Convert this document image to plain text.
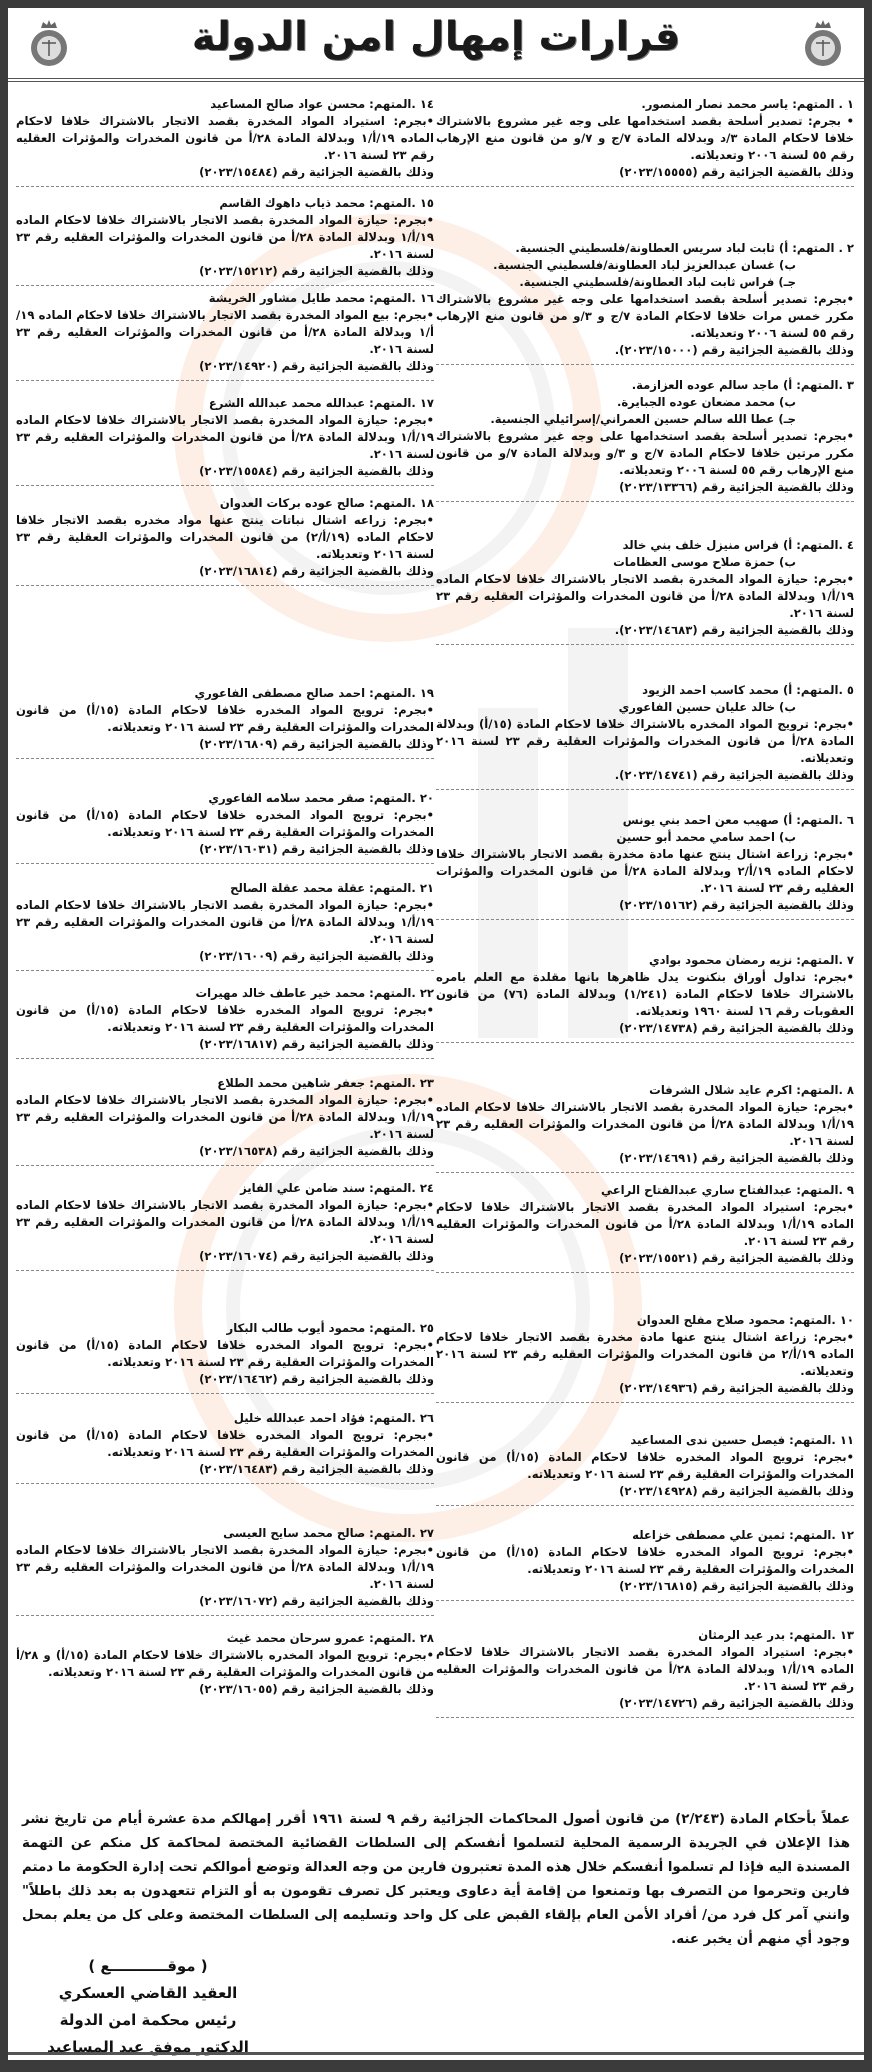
قرارات إمهال امن الدولة

١ . المتهم: ياسر محمد نصار المنصور.

• بجرم: تصدير أسلحة بقصد استخدامها على وجه غير مشروع بالاشتراك خلافا لاحكام المادة ٣/د وبدلاله المادة ٧/ج و ٧/و من قانون منع الإرهاب رقم ٥٥ لسنة ٢٠٠٦ وتعديلاته.

وذلك بالقضية الجزائية رقم (٢٠٢٣/١٥٥٥٥)

٢ . المتهم: أ) ثابت لباد سريس العطاونة/فلسطيني الجنسية.

ب) غسان عبدالعزيز لباد العطاونة/فلسطيني الجنسية.

جـ) فراس ثابت لباد العطاونة/فلسطيني الجنسية.

•بجرم: تصدير أسلحة بقصد استخدامها على وجه غير مشروع بالاشتراك مكرر خمس مرات خلافا لاحكام المادة ٧/ج و ٣/و من قانون منع الإرهاب رقم ٥٥ لسنة ٢٠٠٦ وتعديلاته.

وذلك بالقضية الجزائية رقم (٢٠٢٣/١٥٠٠٠).

٣ .المتهم: أ) ماجد سالم عوده العزازمة.

ب) محمد مضعان عوده الجبايرة.

جـ) عطا الله سالم حسين العمراني/إسرائيلي الجنسية.

•بجرم: تصدير أسلحة بقصد استخدامها على وجه غير مشروع بالاشتراك مكرر مرتين خلافا لاحكام المادة ٧/ج و ٣/و وبدلالة المادة ٧/و من قانون منع الإرهاب رقم ٥٥ لسنة ٢٠٠٦ وتعديلاته.

وذلك بالقضية الجزائية رقم (٢٠٢٣/١٣٣٦٦)

٤ .المتهم: أ) فراس منيزل خلف بني خالد

ب) حمزة صلاح موسى العظامات

•بجرم: حيازة المواد المخدرة بقصد الاتجار بالاشتراك خلافا لاحكام الماده ١٩/أ/١ وبدلالة المادة ٢٨/أ من قانون المخدرات والمؤثرات العقليه رقم ٢٣ لسنة ٢٠١٦.

وذلك بالقضية الجزائية رقم (٢٠٢٣/١٤٦٨٣).

٥ .المتهم: أ) محمد كاسب احمد الزيود

ب) خالد عليان حسين الفاعوري

•بجرم: ترويج المواد المخدره بالاشتراك خلافا لاحكام المادة (١٥/أ) وبدلالة المادة ٢٨/أ من قانون المخدرات والمؤثرات العقلية رقم ٢٣ لسنة ٢٠١٦ وتعديلاته.

وذلك بالقضية الجزائية رقم (٢٠٢٣/١٤٧٤١).

٦ .المتهم: أ) صهيب معن احمد بني يونس

ب) احمد سامي محمد أبو حسين

•بجرم: زراعة اشتال ينتج عنها مادة مخدرة بقصد الاتجار بالاشتراك خلافا لاحكام الماده ١٩/أ/٢ وبدلالة المادة ٢٨/أ من قانون المخدرات والمؤثرات العقليه رقم ٢٣ لسنة ٢٠١٦.

وذلك بالقضية الجزائية رقم (٢٠٢٣/١٥١٦٢)

٧ .المتهم: نزيه رمضان محمود بوادي

•بجرم: تداول أوراق بنكنوت يدل ظاهرها بانها مقلدة مع العلم بامره بالاشتراك خلافا لاحكام المادة (١/٢٤١) وبدلالة المادة (٧٦) من قانون العقوبات رقم ١٦ لسنة ١٩٦٠ وتعديلاته.

وذلك بالقضية الجزائية رقم (٢٠٢٣/١٤٧٣٨)

٨ .المتهم: اكرم عايد شلال الشرفات

•بجرم: حيازة المواد المخدرة بقصد الاتجار بالاشتراك خلافا لاحكام الماده ١٩/أ/١ وبدلالة المادة ٢٨/أ من قانون المخدرات والمؤثرات العقليه رقم ٢٣ لسنة ٢٠١٦.

وذلك بالقضية الجزائية رقم (٢٠٢٣/١٤٦٩١)

٩ .المتهم: عبدالفتاح ساري عبدالفتاح الراعي

•بجرم: استيراد المواد المخدرة بقصد الاتجار بالاشتراك خلافا لاحكام الماده ١٩/أ/١ وبدلالة المادة ٢٨/أ من قانون المخدرات والمؤثرات العقليه رقم ٢٣ لسنة ٢٠١٦.

وذلك بالقضية الجزائية رقم (٢٠٢٣/١٥٥٢١)

١٠ .المتهم: محمود صلاح مفلح العدوان

•بجرم: زراعة اشتال ينتج عنها مادة مخدرة بقصد الاتجار خلافا لاحكام الماده ١٩/أ/٢ من قانون المخدرات والمؤثرات العقليه رقم ٢٣ لسنة ٢٠١٦ وتعديلاته.

وذلك بالقضية الجزائية رقم (٢٠٢٣/١٤٩٣٦)

١١ .المتهم: فيصل حسين ندى المساعيد

•بجرم: ترويج المواد المخدره خلافا لاحكام المادة (١٥/أ) من قانون المخدرات والمؤثرات العقلية رقم ٢٣ لسنة ٢٠١٦ وتعديلاته.

وذلك بالقضية الجزائية رقم (٢٠٢٣/١٤٩٢٨)

١٢ .المتهم: ثمين علي مصطفى خزاعله

•بجرم: ترويج المواد المخدره خلافا لاحكام المادة (١٥/أ) من قانون المخدرات والمؤثرات العقلية رقم ٢٣ لسنة ٢٠١٦ وتعديلاته.

وذلك بالقضية الجزائية رقم (٢٠٢٣/١٦٨١٥)

١٣ .المتهم: بدر عيد الرمثان

•بجرم: استيراد المواد المخدرة بقصد الاتجار بالاشتراك خلافا لاحكام الماده ١٩/أ/١ وبدلالة المادة ٢٨/أ من قانون المخدرات والمؤثرات العقليه رقم ٢٣ لسنة ٢٠١٦.

وذلك بالقضية الجزائية رقم (٢٠٢٣/١٤٧٢٦)

١٤ .المتهم: محسن عواد صالح المساعيد

•بجرم: استيراد المواد المخدرة بقصد الاتجار بالاشتراك خلافا لاحكام الماده ١٩/أ/١ وبدلالة المادة ٢٨/أ من قانون المخدرات والمؤثرات العقليه رقم ٢٣ لسنة ٢٠١٦.

وذلك بالقضية الجزائية رقم (٢٠٢٣/١٥٤٨٤)

١٥ .المتهم: محمد ذياب داهوك القاسم

•بجرم: حيازة المواد المخدرة بقصد الاتجار بالاشتراك خلافا لاحكام الماده ١٩/أ/١ وبدلالة المادة ٢٨/أ من قانون المخدرات والمؤثرات العقليه رقم ٢٣ لسنة ٢٠١٦.

وذلك بالقضية الجزائية رقم (٢٠٢٣/١٥٢١٢)

١٦ .المتهم: محمد طايل مشاور الخريشة

•بجرم: بيع المواد المخدرة بقصد الاتجار بالاشتراك خلافا لاحكام الماده ١٩/أ/١ وبدلالة المادة ٢٨/أ من قانون المخدرات والمؤثرات العقليه رقم ٢٣ لسنة ٢٠١٦.

وذلك بالقضية الجزائية رقم (٢٠٢٣/١٤٩٢٠)

١٧ .المتهم: عبدالله محمد عبدالله الشرع

•بجرم: حيازة المواد المخدرة بقصد الاتجار بالاشتراك خلافا لاحكام الماده ١٩/أ/١ وبدلالة المادة ٢٨/أ من قانون المخدرات والمؤثرات العقليه رقم ٢٣ لسنة ٢٠١٦.

وذلك بالقضية الجزائية رقم (٢٠٢٣/١٥٥٨٤)

١٨ .المتهم: صالح عوده بركات العدوان

•بجرم: زراعه اشتال نباتات ينتج عنها مواد مخدره بقصد الاتجار خلافا لاحكام الماده (١٩/أ/٢) من قانون المخدرات والمؤثرات العقلية رقم ٢٣ لسنة ٢٠١٦ وتعديلاته.

وذلك بالقضية الجزائية رقم (٢٠٢٣/١٦٨١٤)

١٩ .المتهم: احمد صالح مصطفى الفاعوري

•بجرم: ترويج المواد المخدره خلافا لاحكام المادة (١٥/أ) من قانون المخدرات والمؤثرات العقلية رقم ٢٣ لسنة ٢٠١٦ وتعديلاته.

وذلك بالقضية الجزائية رقم (٢٠٢٣/١٦٨٠٩)

٢٠ .المتهم: صقر محمد سلامه الفاعوري

•بجرم: ترويج المواد المخدره خلافا لاحكام المادة (١٥/أ) من قانون المخدرات والمؤثرات العقلية رقم ٢٣ لسنة ٢٠١٦ وتعديلاته.

وذلك بالقضية الجزائية رقم (٢٠٢٣/١٦٠٣١)

٢١ .المتهم: عقلة محمد عقلة الصالح

•بجرم: حيازة المواد المخدرة بقصد الاتجار بالاشتراك خلافا لاحكام الماده ١٩/أ/١ وبدلالة المادة ٢٨/أ من قانون المخدرات والمؤثرات العقليه رقم ٢٣ لسنة ٢٠١٦.

وذلك بالقضية الجزائية رقم (٢٠٢٣/١٦٠٠٩)

٢٢ .المتهم: محمد خير عاطف خالد مهيرات

•بجرم: ترويج المواد المخدره خلافا لاحكام المادة (١٥/أ) من قانون المخدرات والمؤثرات العقلية رقم ٢٣ لسنة ٢٠١٦ وتعديلاته.

وذلك بالقضية الجزائية رقم (٢٠٢٣/١٦٨١٧)

٢٣ .المتهم: جعفر شاهين محمد الطلاع

•بجرم: حيازة المواد المخدرة بقصد الاتجار بالاشتراك خلافا لاحكام الماده ١٩/أ/١ وبدلالة المادة ٢٨/أ من قانون المخدرات والمؤثرات العقليه رقم ٢٣ لسنة ٢٠١٦.

وذلك بالقضية الجزائية رقم (٢٠٢٣/١٦٥٣٨)

٢٤ .المتهم: سند ضامن علي الفايز

•بجرم: حيازة المواد المخدرة بقصد الاتجار بالاشتراك خلافا لاحكام الماده ١٩/أ/١ وبدلالة المادة ٢٨/أ من قانون المخدرات والمؤثرات العقليه رقم ٢٣ لسنة ٢٠١٦.

وذلك بالقضية الجزائية رقم (٢٠٢٣/١٦٠٧٤)

٢٥ .المتهم: محمود أيوب طالب البكار

•بجرم: ترويج المواد المخدره خلافا لاحكام المادة (١٥/أ) من قانون المخدرات والمؤثرات العقلية رقم ٢٣ لسنة ٢٠١٦ وتعديلاته.

وذلك بالقضية الجزائية رقم (٢٠٢٣/١٦٤٦٢)

٢٦ .المتهم: فؤاد احمد عبدالله خليل

•بجرم: ترويج المواد المخدره خلافا لاحكام المادة (١٥/أ) من قانون المخدرات والمؤثرات العقلية رقم ٢٣ لسنة ٢٠١٦ وتعديلاته.

وذلك بالقضية الجزائية رقم (٢٠٢٣/١٦٤٨٣)

٢٧ .المتهم: صالح محمد سايح العيسى

•بجرم: حيازة المواد المخدرة بقصد الاتجار بالاشتراك خلافا لاحكام الماده ١٩/أ/١ وبدلالة المادة ٢٨/أ من قانون المخدرات والمؤثرات العقليه رقم ٢٣ لسنة ٢٠١٦.

وذلك بالقضية الجزائية رقم (٢٠٢٣/١٦٠٧٢)

٢٨ .المتهم: عمرو سرحان محمد غيث

•بجرم: ترويج المواد المخدره بالاشتراك خلافا لاحكام المادة (١٥/أ) و ٢٨/أ من قانون المخدرات والمؤثرات العقلية رقم ٢٣ لسنة ٢٠١٦ وتعديلاته.

وذلك بالقضية الجزائية رقم (٢٠٢٣/١٦٠٥٥)

عملاً بأحكام المادة (٢/٢٤٣) من قانون أصول المحاكمات الجزائية رقم ٩ لسنة ١٩٦١ أقرر إمهالكم مدة عشرة أيام من تاريخ نشر هذا الإعلان في الجريدة الرسمية المحلية لتسلموا أنفسكم إلى السلطات القضائية المختصة لمحاكمة كل منكم عن التهمة المسندة اليه فإذا لم تسلموا أنفسكم خلال هذه المدة تعتبرون فارين من وجه العدالة وتوضع أموالكم تحت إدارة الحكومة ما دمتم فارين وتحرموا من التصرف بها وتمنعوا من إقامة أية دعاوى ويعتبر كل تصرف تقومون به أو التزام تتعهدون به بعد ذلك باطلاً" وانني آمر كل فرد من/ أفراد الأمن العام بإلقاء القبض على كل واحد وتسليمه إلى السلطات المختصة وعلى كل من يعلم بمحل وجود أي منهم أن يخبر عنه.
( موقـــــــــــع )
العقيد القاضي العسكري
رئيس محكمة امن الدولة
الدكتور موفق عيد المساعيد
